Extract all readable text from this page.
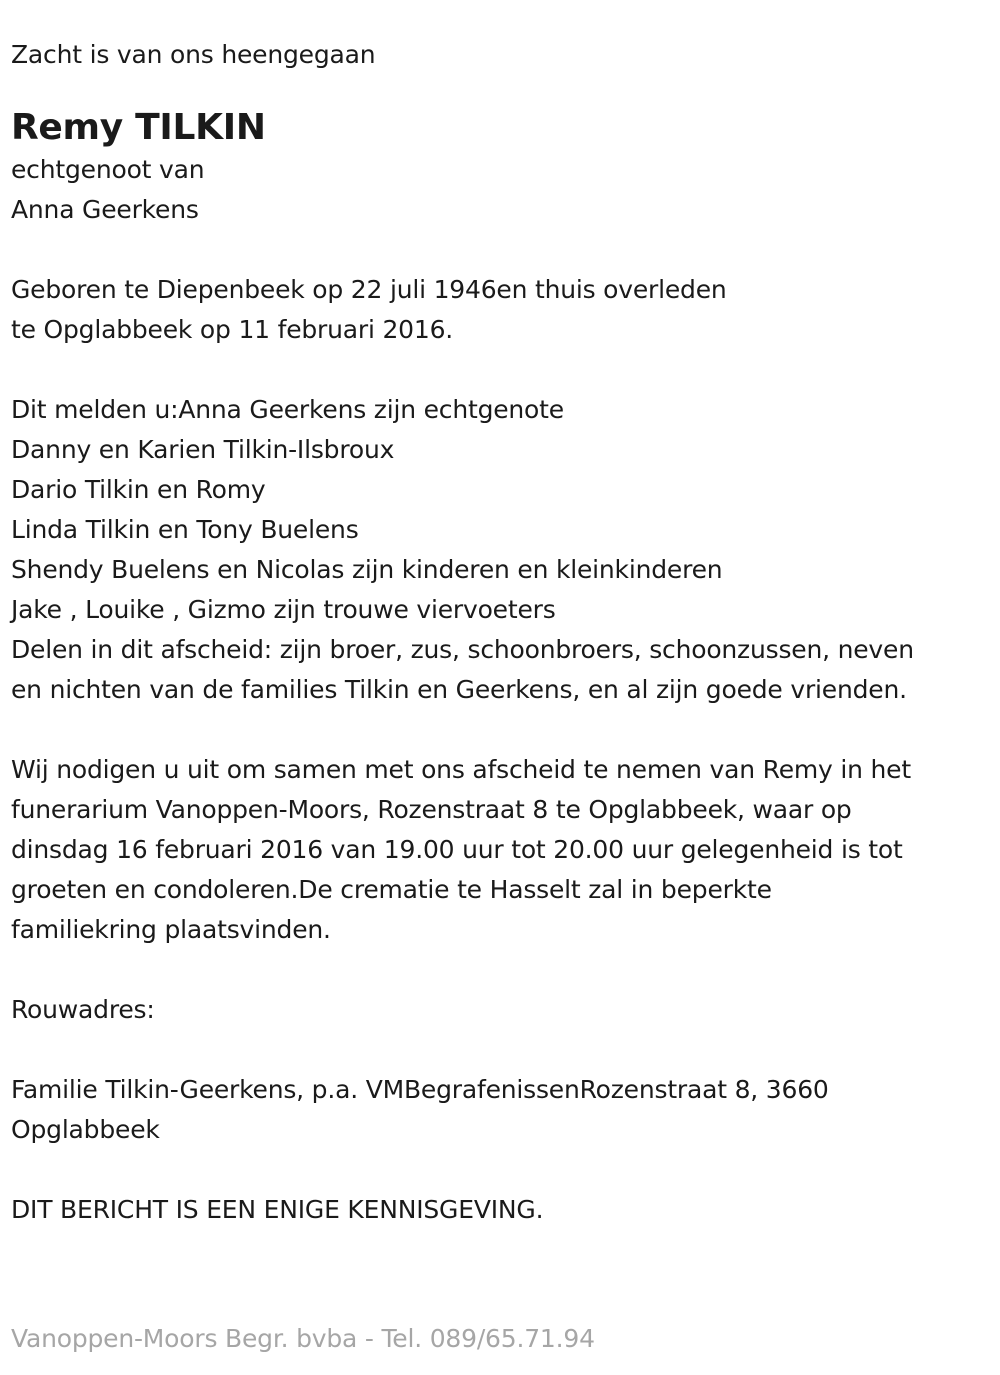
Zacht is van ons heengegaan
Remy TILKIN
echtgenoot van
Anna Geerkens
Geboren te Diepenbeek op 22 juli 1946en thuis overleden
te Opglabbeek op 11 februari 2016.
Dit melden u:Anna Geerkens zijn echtgenote
Danny en Karien Tilkin-Ilsbroux
Dario Tilkin en Romy
Linda Tilkin en Tony Buelens
Shendy Buelens en Nicolas zijn kinderen en kleinkinderen
Jake , Louike , Gizmo zijn trouwe viervoeters
Delen in dit afscheid: zijn broer, zus, schoonbroers, schoonzussen, neven
en nichten van de families Tilkin en Geerkens, en al zijn goede vrienden.
Wij nodigen u uit om samen met ons afscheid te nemen van Remy in het
funerarium Vanoppen-Moors, Rozenstraat 8 te Opglabbeek, waar op
dinsdag 16 februari 2016 van 19.00 uur tot 20.00 uur gelegenheid is tot
groeten en condoleren.De crematie te Hasselt zal in beperkte
familiekring plaatsvinden.
Rouwadres:
Familie Tilkin-Geerkens, p.a. VMBegrafenissenRozenstraat 8, 3660
Opglabbeek
DIT BERICHT IS EEN ENIGE KENNISGEVING.
Vanoppen-Moors Begr. bvba - Tel. 089/65.71.94
